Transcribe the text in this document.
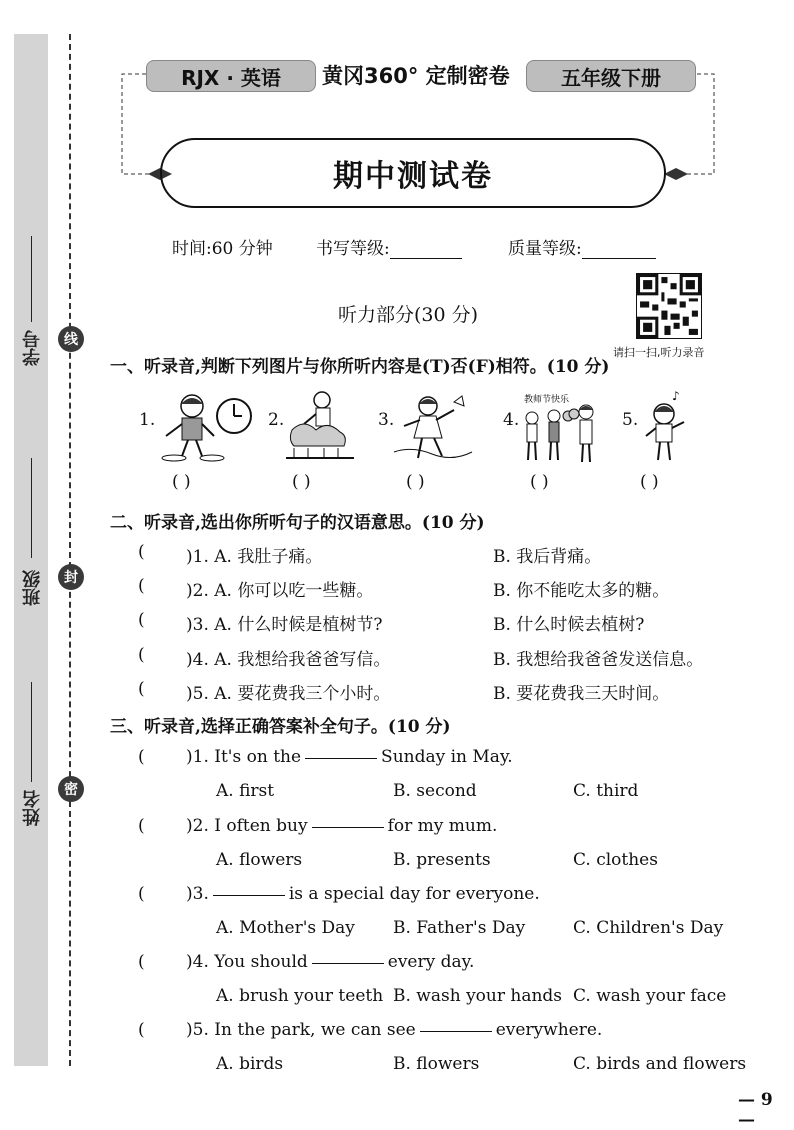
学号
班级
姓名
线
封
密
RJX · 英语	黄冈360° 定制密卷	五年级下册
期中测试卷
时间:60 分钟	书写等级:	质量等级:
听力部分(30 分)
请扫一扫,听力录音
一、听录音,判断下列图片与你所听内容是(T)否(F)相符。(10 分)
1.	2.	3.	4.	5.
教师节快乐	♪
( )	( )	( )	( )	( )
二、听录音,选出你所听句子的汉语意思。(10 分)
( )1. A. 我肚子痛。	B. 我后背痛。
( )2. A. 你可以吃一些糖。	B. 你不能吃太多的糖。
( )3. A. 什么时候是植树节?	B. 什么时候去植树?
( )4. A. 我想给我爸爸写信。	B. 我想给我爸爸发送信息。
( )5. A. 要花费我三个小时。	B. 要花费我三天时间。
三、听录音,选择正确答案补全句子。(10 分)
( )1. It's on the	Sunday in May.
A. first	B. second	C. third
( )2. I often buy	for my mum.
A. flowers	B. presents	C. clothes
( )3.	is a special day for everyone.
A. Mother's Day B. Father's Day	C. Children's Day
( )4. You should	every day.
A. brush your teeth B. wash your hands C. wash your face
( )5. In the park, we can see	everywhere.
A. birds	B. flowers	C. birds and flowers
— 9 —
